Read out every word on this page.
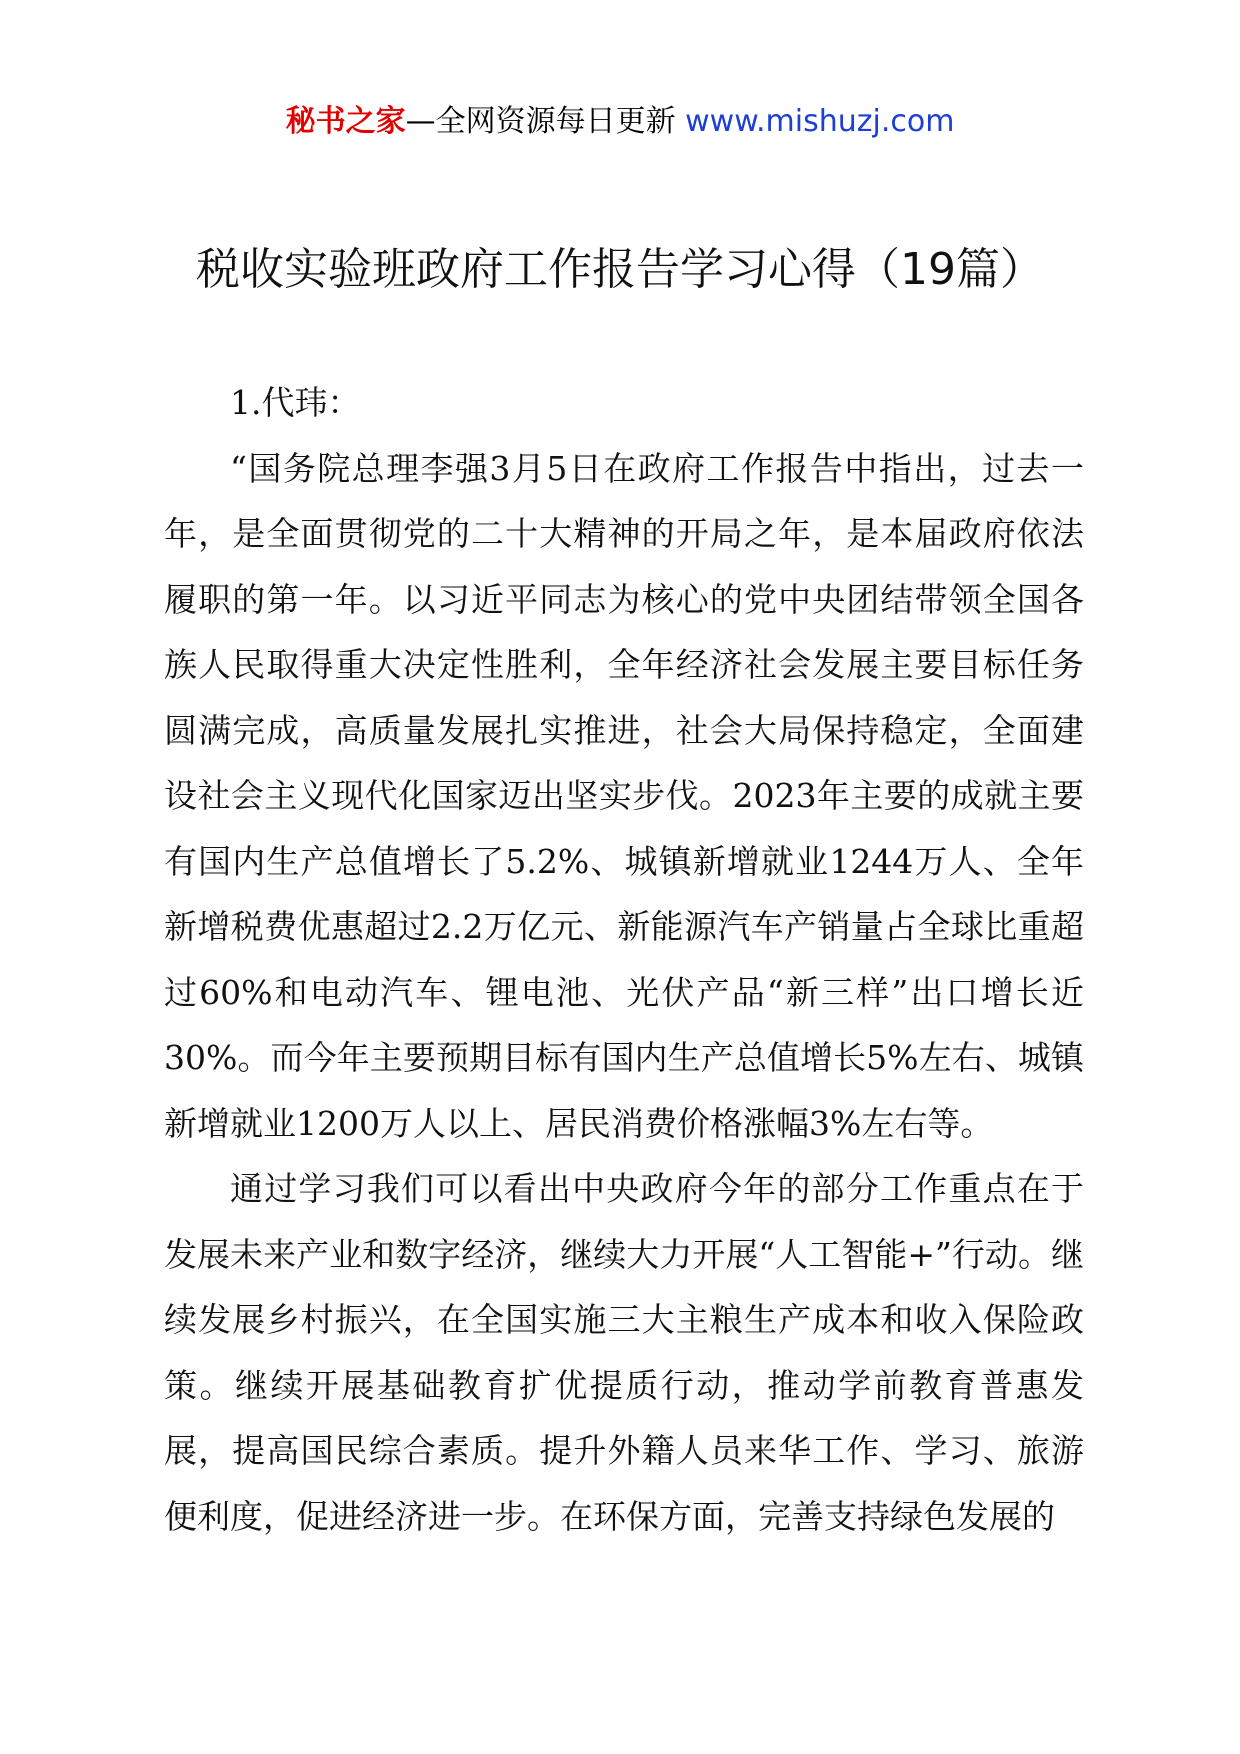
秘书之家—全网资源每日更新 www.mishuzj.com
税收实验班政府工作报告学习心得（19篇）

1.代玮：

“国务院总理李强3月5日在政府工作报告中指出，过去一年，是全面贯彻党的二十大精神的开局之年，是本届政府依法履职的第一年。以习近平同志为核心的党中央团结带领全国各族人民取得重大决定性胜利，全年经济社会发展主要目标任务圆满完成，高质量发展扎实推进，社会大局保持稳定，全面建设社会主义现代化国家迈出坚实步伐。2023年主要的成就主要有国内生产总值增长了5.2%、城镇新增就业1244万人、全年新增税费优惠超过2.2万亿元、新能源汽车产销量占全球比重超过60%和电动汽车、锂电池、光伏产品“新三样”出口增长近30%。而今年主要预期目标有国内生产总值增长5%左右、城镇新增就业1200万人以上、居民消费价格涨幅3%左右等。

通过学习我们可以看出中央政府今年的部分工作重点在于发展未来产业和数字经济，继续大力开展“人工智能+”行动。继续发展乡村振兴，在全国实施三大主粮生产成本和收入保险政策。继续开展基础教育扩优提质行动，推动学前教育普惠发展，提高国民综合素质。提升外籍人员来华工作、学习、旅游便利度，促进经济进一步。在环保方面，完善支持绿色发展的
